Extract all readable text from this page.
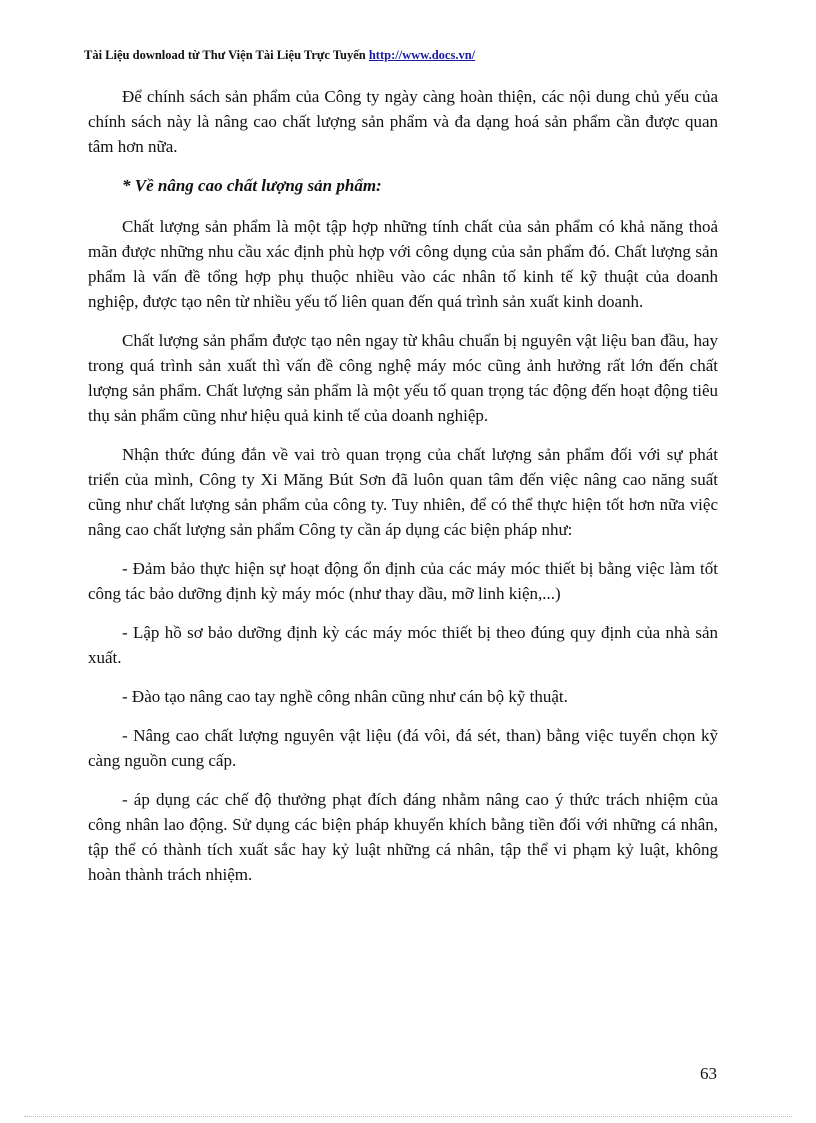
Tài Liệu download từ Thư Viện Tài Liệu Trực Tuyến http://www.docs.vn/

Để chính sách sản phẩm của Công ty ngày càng hoàn thiện, các nội dung chủ yếu của chính sách này là nâng cao chất lượng sản phẩm và đa dạng hoá sản phẩm cần được quan tâm hơn nữa.

* Về nâng cao chất lượng sản phẩm:

Chất lượng sản phẩm là một tập hợp những tính chất của sản phẩm có khả năng thoả mãn được những nhu cầu xác định phù hợp với công dụng của sản phẩm đó. Chất lượng sản phẩm là vấn đề tổng hợp phụ thuộc nhiều vào các nhân tố kinh tế kỹ thuật của doanh nghiệp, được tạo nên từ nhiều yếu tố liên quan đến quá trình sản xuất kinh doanh.

Chất lượng sản phẩm được tạo nên ngay từ khâu chuẩn bị nguyên vật liệu ban đầu, hay trong quá trình sản xuất thì vấn đề công nghệ máy móc cũng ảnh hưởng rất lớn đến chất lượng sản phẩm. Chất lượng sản phẩm là một yếu tố quan trọng tác động đến hoạt động tiêu thụ sản phẩm cũng như hiệu quả kinh tế của doanh nghiệp.

Nhận thức đúng đắn về vai trò quan trọng của chất lượng sản phẩm đối với sự phát triển của mình, Công ty Xi Măng Bút Sơn đã luôn quan tâm đến việc nâng cao năng suất cũng như chất lượng sản phẩm của công ty. Tuy nhiên, để có thể thực hiện tốt hơn nữa việc nâng cao chất lượng sản phẩm Công ty cần áp dụng các biện pháp như:

- Đảm bảo thực hiện sự hoạt động ổn định của các máy móc thiết bị bằng việc làm tốt công tác bảo dưỡng định kỳ máy móc (như thay dầu, mỡ linh kiện,...)

- Lập hồ sơ bảo dưỡng định kỳ các máy móc thiết bị theo đúng quy định của nhà sản xuất.

- Đào tạo nâng cao tay nghề công nhân cũng như cán bộ kỹ thuật.

- Nâng cao chất lượng nguyên vật liệu (đá vôi, đá sét, than) bằng việc tuyển chọn kỹ càng nguồn cung cấp.

- áp dụng các chế độ thưởng phạt đích đáng nhằm nâng cao ý thức trách nhiệm của công nhân lao động. Sử dụng các biện pháp khuyến khích bằng tiền đối với những cá nhân, tập thể có thành tích xuất sắc hay kỷ luật những cá nhân, tập thể vi phạm kỷ luật, không hoàn thành trách nhiệm.

63
